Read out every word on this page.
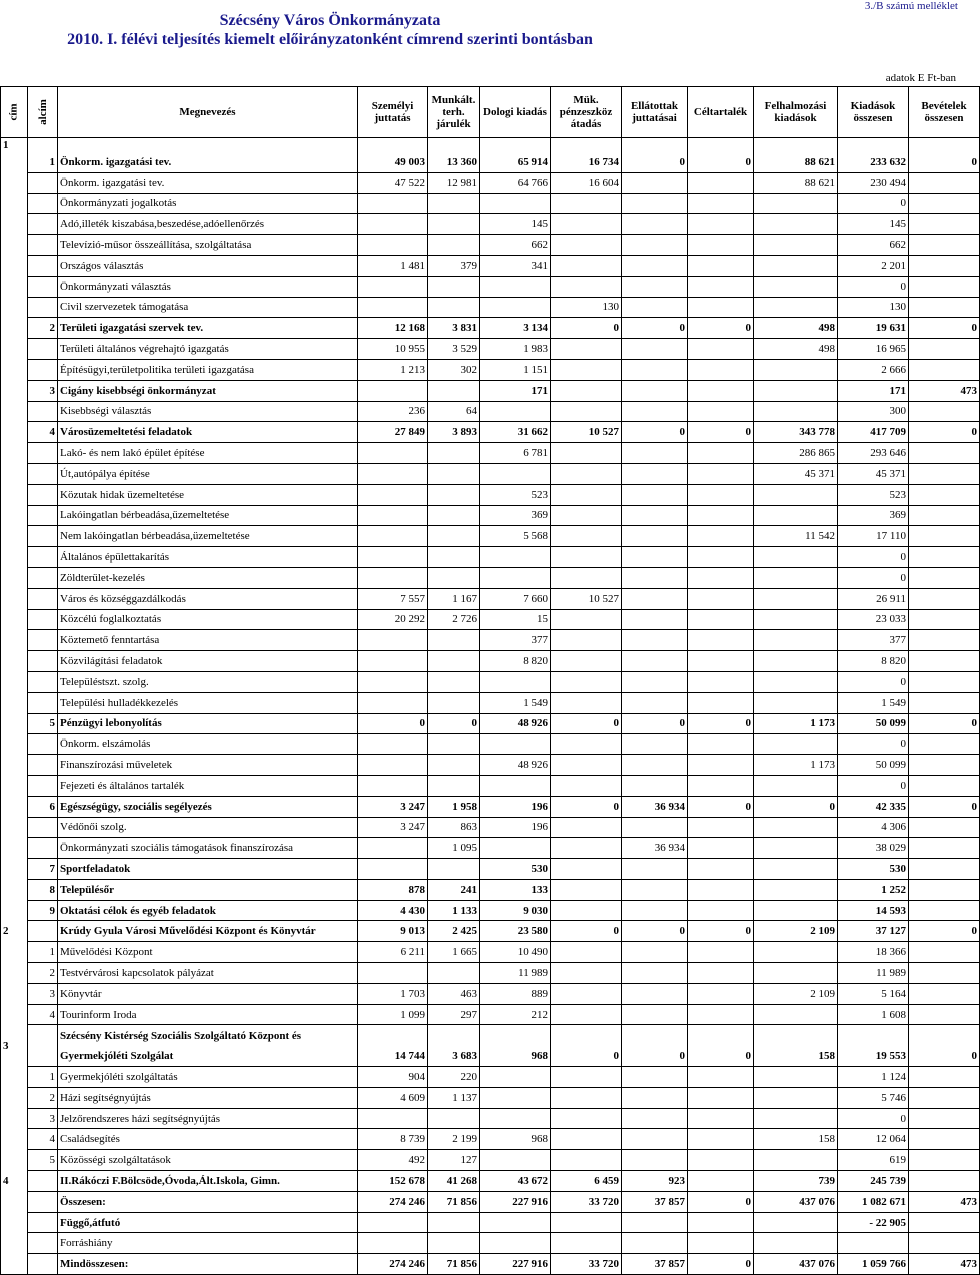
Szécsény Város Önkormányzata
2010. I. félévi teljesítés kiemelt előirányzatonként címrend szerinti bontásban
3./B számú melléklet
adatok E Ft-ban
cím	alcím	Megnevezés	Személyi juttatás	Munkált. terh. járulék	Dologi kiadás	Mük. pénzeszköz átadás	Ellátottak juttatásai	Céltartalék	Felhalmozási kiadások	Kiadások összesen	Bevételek összesen
1											
	1	Önkorm. igazgatási tev.	49 003	13 360	65 914	16 734	0	0	88 621	233 632	0
		Önkorm. igazgatási tev.	47 522	12 981	64 766	16 604			88 621	230 494	
		Önkormányzati jogalkotás								0	
		Adó,illeték kiszabása,beszedése,adóellenőrzés			145					145	
		Televízió-műsor összeállítása, szolgáltatása			662					662	
		Országos választás	1 481	379	341					2 201	
		Önkormányzati választás								0	
		Civil szervezetek támogatása				130				130	
	2	Területi igazgatási szervek tev.	12 168	3 831	3 134	0	0	0	498	19 631	0
		Területi általános végrehajtó igazgatás	10 955	3 529	1 983				498	16 965	
		Építésügyi,területpolitika területi igazgatása	1 213	302	1 151					2 666	
	3	Cigány kisebbségi önkormányzat			171					171	473
		Kisebbségi választás	236	64						300	
	4	Városüzemeltetési feladatok	27 849	3 893	31 662	10 527	0	0	343 778	417 709	0
		Lakó- és nem lakó épület építése			6 781				286 865	293 646	
		Út,autópálya építése							45 371	45 371	
		Közutak hidak üzemeltetése			523					523	
		Lakóingatlan bérbeadása,üzemeltetése			369					369	
		Nem lakóingatlan bérbeadása,üzemeltetése			5 568				11 542	17 110	
		Általános épülettakarítás								0	
		Zöldterület-kezelés								0	
		Város és községgazdálkodás	7 557	1 167	7 660	10 527				26 911	
		Közcélú foglalkoztatás	20 292	2 726	15					23 033	
		Köztemető fenntartása			377					377	
		Közvilágítási feladatok			8 820					8 820	
		Településtszt. szolg.								0	
		Települési hulladékkezelés			1 549					1 549	
	5	Pénzügyi lebonyolítás	0	0	48 926	0	0	0	1 173	50 099	0
		Önkorm. elszámolás								0	
		Finanszírozási műveletek			48 926				1 173	50 099	
		Fejezeti és általános tartalék								0	
	6	Egészségügy, szociális segélyezés	3 247	1 958	196	0	36 934	0	0	42 335	0
		Védőnői szolg.	3 247	863	196					4 306	
		Önkormányzati szociális támogatások finanszírozása		1 095			36 934			38 029	
	7	Sportfeladatok			530					530	
	8	Településőr	878	241	133					1 252	
	9	Oktatási célok és egyéb feladatok	4 430	1 133	9 030					14 593	
2		Krúdy Gyula Városi Művelődési Központ és Könyvtár	9 013	2 425	23 580	0	0	0	2 109	37 127	0
	1	Művelődési Központ	6 211	1 665	10 490					18 366	
	2	Testvérvárosi kapcsolatok pályázat			11 989					11 989	
	3	Könyvtár	1 703	463	889				2 109	5 164	
	4	Tourinform Iroda	1 099	297	212					1 608	
3		Szécsény Kistérség Szociális Szolgáltató Központ és									
		Gyermekjóléti Szolgálat	14 744	3 683	968	0	0	0	158	19 553	0
	1	Gyermekjóléti szolgáltatás	904	220						1 124	
	2	Házi segítségnyújtás	4 609	1 137						5 746	
	3	Jelzőrendszeres házi segítségnyújtás								0	
	4	Családsegítés	8 739	2 199	968				158	12 064	
	5	Közösségi szolgáltatások	492	127						619	
4		II.Rákóczi F.Bölcsöde,Óvoda,Ált.Iskola, Gimn.	152 678	41 268	43 672	6 459	923		739	245 739	
		Összesen:	274 246	71 856	227 916	33 720	37 857	0	437 076	1 082 671	473
		Függő,átfutó								- 22 905	
		Forráshiány									
		Mindösszesen:	274 246	71 856	227 916	33 720	37 857	0	437 076	1 059 766	473
